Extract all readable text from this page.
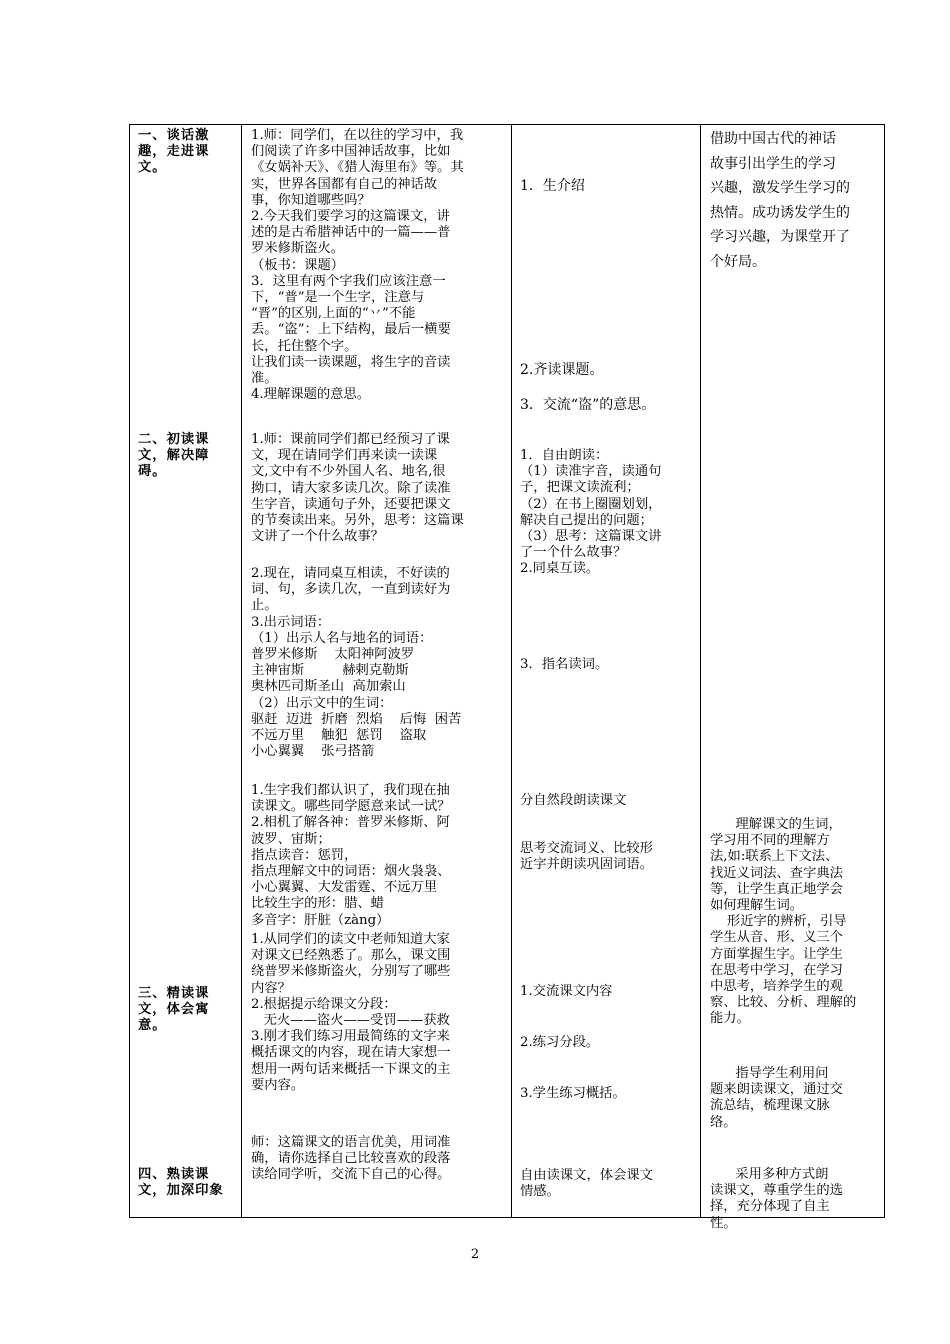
一、谈话激
趣，走进课
文。
二、初读课
文，解决障
碍。
三、精读课
文，体会寓
意。
四、熟读课
文，加深印象
1.师：同学们，在以往的学习中，我
们阅读了许多中国神话故事，比如
《女娲补天》、《猎人海里布》等。其
实，世界各国都有自己的神话故
事，你知道哪些吗？
2.今天我们要学习的这篇课文，讲
述的是古希腊神话中的一篇——普
罗米修斯盗火。
（板书：课题）
3．这里有两个字我们应该注意一
下，“普”是一个生字，注意与
“晋”的区别,上面的“丷”不能
丢。“盗”：上下结构，最后一横要
长，托住整个字。
让我们读一读课题，将生字的音读
准。
4.理解课题的意思。
1.师：课前同学们都已经预习了课
文，现在请同学们再来读一读课
文,文中有不少外国人名、地名,很
拗口，请大家多读几次。除了读准
生字音，读通句子外，还要把课文
的节奏读出来。另外，思考：这篇课
文讲了一个什么故事？
2.现在，请同桌互相读，不好读的
词、句，多读几次，一直到读好为
止。
3.出示词语：
（1）出示人名与地名的词语：
普罗米修斯    太阳神阿波罗
主神宙斯         赫剌克勒斯
奥林匹司斯圣山  高加索山
（2）出示文中的生词：
驱赶  迈进  折磨  烈焰    后悔  困苦
不远万里    触犯  惩罚    盗取
小心翼翼    张弓搭箭
1.生字我们都认识了，我们现在抽
读课文。哪些同学愿意来试一试？
2.相机了解各神：普罗米修斯、阿
波罗、宙斯；
指点读音：惩罚，
指点理解文中的词语：烟火袅袅、
小心翼翼、大发雷霆、不远万里
比较生字的形：腊、蜡
多音字：肝脏（zàng）
1.从同学们的读文中老师知道大家
对课文已经熟悉了。那么，课文围
绕普罗米修斯盗火，分别写了哪些
内容？
2.根据提示给课文分段：
无火——盗火——受罚——获救
3.刚才我们练习用最简练的文字来
概括课文的内容，现在请大家想一
想用一两句话来概括一下课文的主
要内容。
师：这篇课文的语言优美，用词准
确，请你选择自己比较喜欢的段落
读给同学听，交流下自己的心得。
1．生介绍
2.齐读课题。
3．交流“盗”的意思。
1．自由朗读：
（1）读准字音，读通句
子，把课文读流利；
（2）在书上圈圈划划，
解决自己提出的问题；
（3）思考：这篇课文讲
了一个什么故事？
2.同桌互读。
3．指名读词。
分自然段朗读课文
思考交流词义、比较形
近字并朗读巩固词语。
1.交流课文内容
2.练习分段。
3.学生练习概括。
自由读课文，体会课文
情感。
借助中国古代的神话
故事引出学生的学习
兴趣，激发学生学习的
热情。成功诱发学生的
学习兴趣，为课堂开了
个好局。
理解课文的生词，
学习用不同的理解方
法,如:联系上下文法、
找近义词法、查字典法
等，让学生真正地学会
如何理解生词。
形近字的辨析，引导
学生从音、形、义三个
方面掌握生字。让学生
在思考中学习，在学习
中思考，培养学生的观
察、比较、分析、理解的
能力。
指导学生利用问
题来朗读课文，通过交
流总结，梳理课文脉
络。
采用多种方式朗
读课文，尊重学生的选
择，充分体现了自主
性。
2
